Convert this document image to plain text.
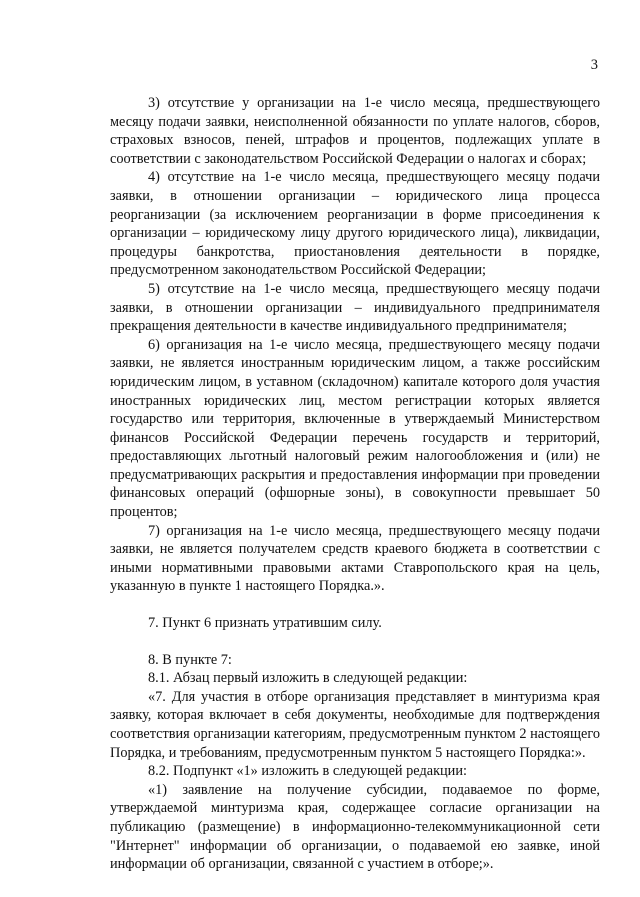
3

3) отсутствие у организации на 1-е число месяца, предшествующего месяцу подачи заявки, неисполненной обязанности по уплате налогов, сборов, страховых взносов, пеней, штрафов и процентов, подлежащих уплате в соответствии с законодательством Российской Федерации о налогах и сборах;

4) отсутствие на 1-е число месяца, предшествующего месяцу подачи заявки, в отношении организации – юридического лица процесса реорганизации (за исключением реорганизации в форме присоединения к организации – юридическому лицу другого юридического лица), ликвидации, процедуры банкротства, приостановления деятельности в порядке, предусмотренном законодательством Российской Федерации;

5) отсутствие на 1-е число месяца, предшествующего месяцу подачи заявки, в отношении организации – индивидуального предпринимателя прекращения деятельности в качестве индивидуального предпринимателя;

6) организация на 1-е число месяца, предшествующего месяцу подачи заявки, не является иностранным юридическим лицом, а также российским юридическим лицом, в уставном (складочном) капитале которого доля участия иностранных юридических лиц, местом регистрации которых является государство или территория, включенные в утверждаемый Министерством финансов Российской Федерации перечень государств и территорий, предоставляющих льготный налоговый режим налогообложения и (или) не предусматривающих раскрытия и предоставления информации при проведении финансовых операций (офшорные зоны), в совокупности превышает 50 процентов;

7) организация на 1-е число месяца, предшествующего месяцу подачи заявки, не является получателем средств краевого бюджета в соответствии с иными нормативными правовыми актами Ставропольского края на цель, указанную в пункте 1 настоящего Порядка.».

7. Пункт 6 признать утратившим силу.

8. В пункте 7:

8.1. Абзац первый изложить в следующей редакции:

«7. Для участия в отборе организация представляет в минтуризма края заявку, которая включает в себя документы, необходимые для подтверждения соответствия организации категориям, предусмотренным пунктом 2 настоящего Порядка, и требованиям, предусмотренным пунктом 5 настоящего Порядка:».

8.2. Подпункт «1» изложить в следующей редакции:

«1) заявление на получение субсидии, подаваемое по форме, утверждаемой минтуризма края, содержащее согласие организации на публикацию (размещение) в информационно-телекоммуникационной сети "Интернет" информации об организации, о подаваемой ею заявке, иной информации об организации, связанной с участием в отборе;».
